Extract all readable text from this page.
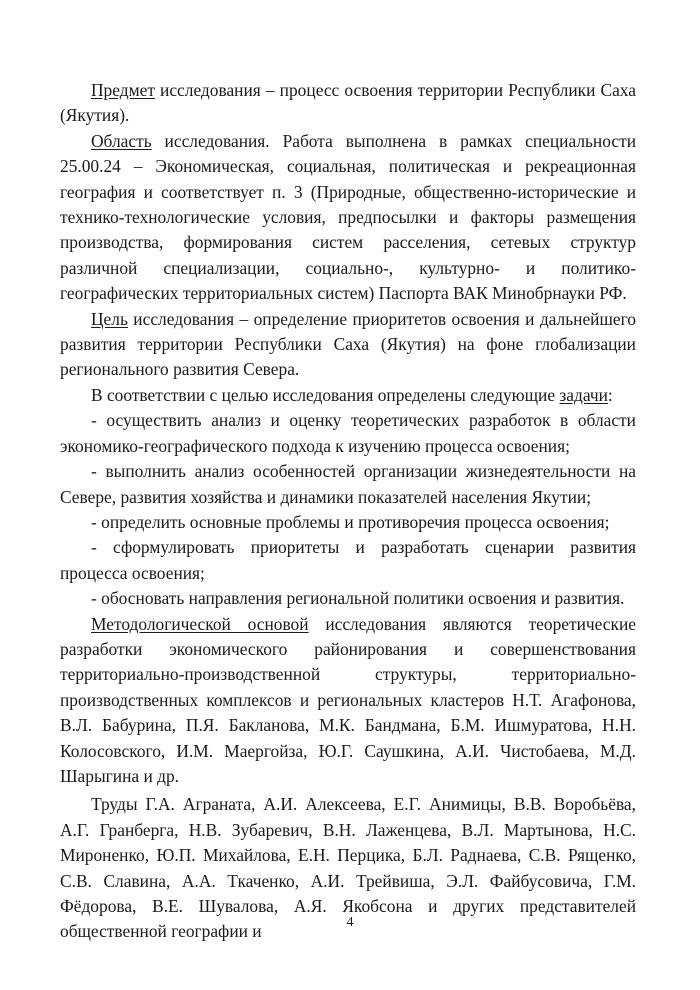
Предмет исследования – процесс освоения территории Республики Саха (Якутия).

Область исследования. Работа выполнена в рамках специальности 25.00.24 – Экономическая, социальная, политическая и рекреационная география и соответствует п. 3 (Природные, общественно-исторические и технико-технологические условия, предпосылки и факторы размещения производства, формирования систем расселения, сетевых структур различной специализации, социально-, культурно- и политико-географических территориальных систем) Паспорта ВАК Минобрнауки РФ.

Цель исследования – определение приоритетов освоения и дальнейшего развития территории Республики Саха (Якутия) на фоне глобализации регионального развития Севера.

В соответствии с целью исследования определены следующие задачи:

- осуществить анализ и оценку теоретических разработок в области экономико-географического подхода к изучению процесса освоения;

- выполнить анализ особенностей организации жизнедеятельности на Севере, развития хозяйства и динамики показателей населения Якутии;

- определить основные проблемы и противоречия процесса освоения;

- сформулировать приоритеты и разработать сценарии развития процесса освоения;

- обосновать направления региональной политики освоения и развития.

Методологической основой исследования являются теоретические разработки экономического районирования и совершенствования территориально-производственной структуры, территориально-производственных комплексов и региональных кластеров Н.Т. Агафонова, В.Л. Бабурина, П.Я. Бакланова, М.К. Бандмана, Б.М. Ишмуратова, Н.Н. Колосовского, И.М. Маергойза, Ю.Г. Саушкина, А.И. Чистобаева, М.Д. Шарыгина и др.

Труды Г.А. Агрaната, А.И. Алексеева, Е.Г. Анимицы, В.В. Воробьёва, А.Г. Гранберга, Н.В. Зубаревич, В.Н. Лаженцева, В.Л. Мартынова, Н.С. Мироненко, Ю.П. Михайлова, Е.Н. Перцика, Б.Л. Раднаева, С.В. Рященко, С.В. Славина, А.А. Ткаченко, А.И. Трейвиша, Э.Л. Файбусовича, Г.М. Фёдорова, В.Е. Шувалова, А.Я. Якобсона и других представителей общественной географии и	4
